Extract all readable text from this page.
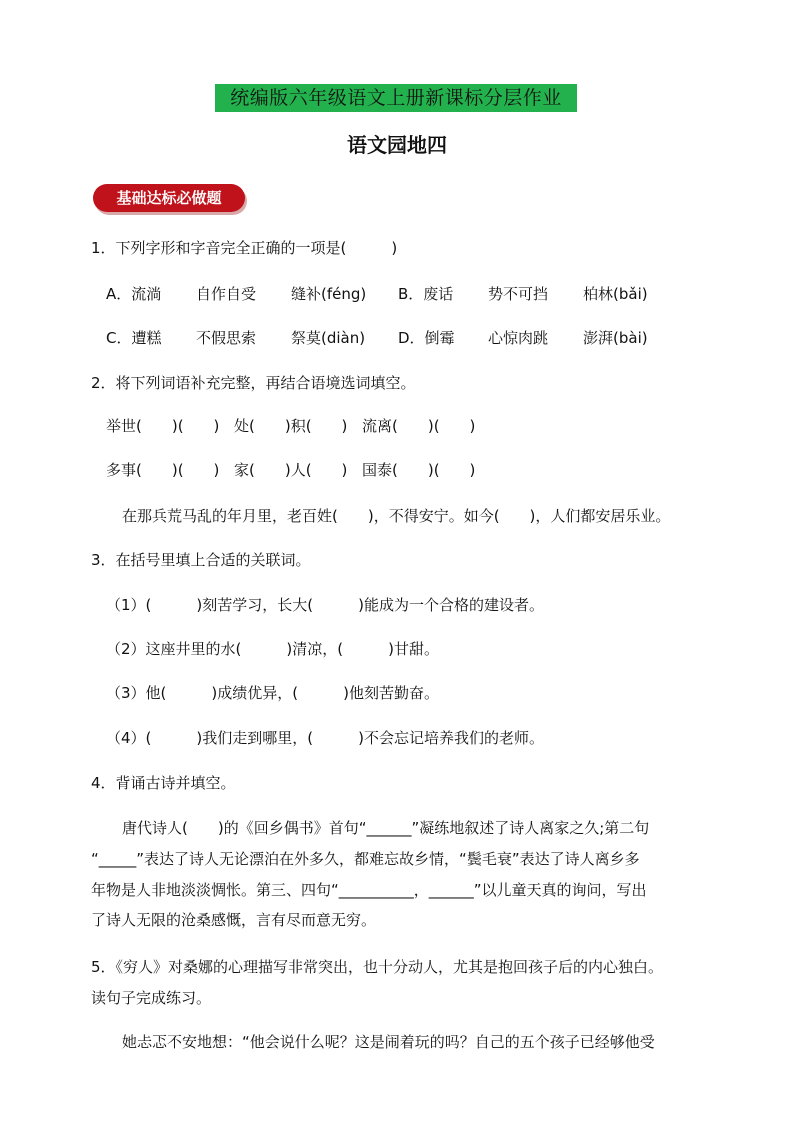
统编版六年级语文上册新课标分层作业
语文园地四
基础达标必做题
1．下列字形和字音完全正确的一项是(　　　)
A．流淌 自作自受 缝补(féng) B．废话 势不可挡 柏林(bǎi)
C．遭糕 不假思索 祭莫(diàn) D．倒霉 心惊肉跳 澎湃(bài)
2．将下列词语补充完整，再结合语境选词填空。
举世(　　)(　　) 处(　　)积(　　) 流离(　　)(　　)
多事(　　)(　　) 家(　　)人(　　) 国泰(　　)(　　)
在那兵荒马乱的年月里，老百姓(　　)，不得安宁。如今(　　)，人们都安居乐业。
3．在括号里填上合适的关联词。
（1）(　　　)刻苦学习，长大(　　　)能成为一个合格的建设者。
（2）这座井里的水(　　　)清凉，(　　　)甘甜。
（3）他(　　　)成绩优异，(　　　)他刻苦勤奋。
（4）(　　　)我们走到哪里，(　　　)不会忘记培养我们的老师。
4．背诵古诗并填空。
唐代诗人(　　)的《回乡偶书》首句“______”凝练地叙述了诗人离家之久;第二句
“_____”表达了诗人无论漂泊在外多久，都难忘故乡情，“鬓毛衰”表达了诗人离乡多
年物是人非地淡淡惆怅。第三、四句“__________，______”以儿童天真的询问，写出
了诗人无限的沧桑感慨，言有尽而意无穷。
5．《穷人》对桑娜的心理描写非常突出，也十分动人，尤其是抱回孩子后的内心独白。
读句子完成练习。
她忐忑不安地想：“他会说什么呢？这是闹着玩的吗？自己的五个孩子已经够他受
